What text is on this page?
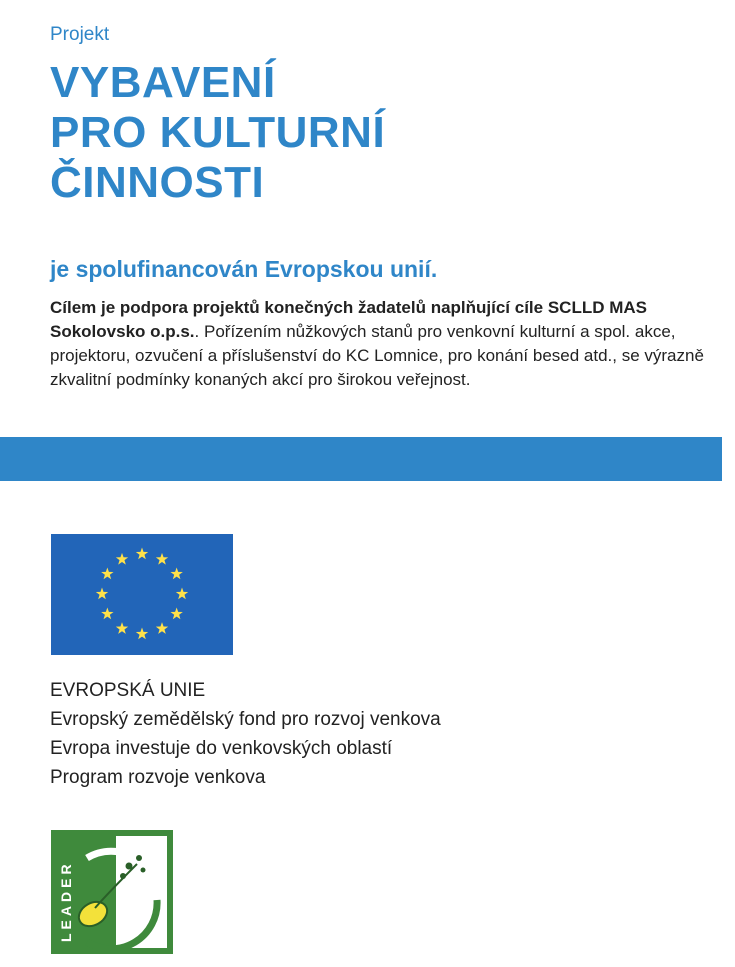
Projekt
VYBAVENÍ
PRO KULTURNÍ
ČINNOSTI
je spolufinancován Evropskou unií.
Cílem je podpora projektů konečných žadatelů naplňující cíle SCLLD MAS Sokolovsko o.p.s.. Pořízením nůžkových stanů pro venkovní kulturní a spol. akce, projektoru, ozvučení a příslušenství do KC Lomnice, pro konání besed atd., se výrazně zkvalitní podmínky konaných akcí pro širokou veřejnost.
EVROPSKÁ UNIE
Evropský zemědělský fond pro rozvoj venkova
Evropa investuje do venkovských oblastí
Program rozvoje venkova
LEADER
